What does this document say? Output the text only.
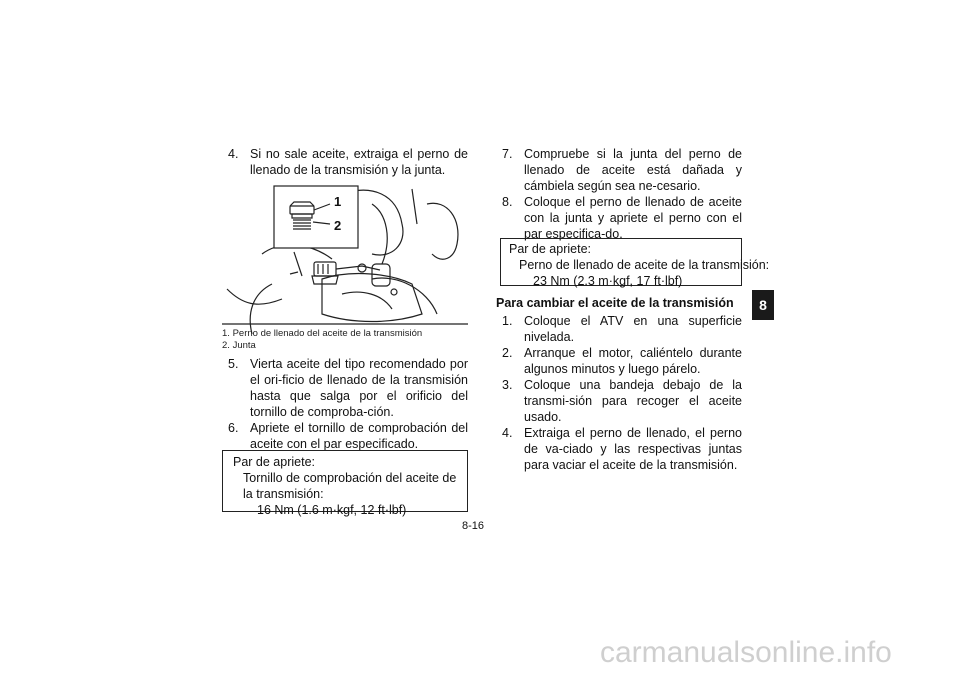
4. Si no sale aceite, extraiga el perno de llenado de la transmisión y la junta.
1
2
1. Perno de llenado del aceite de la transmisión
2. Junta
5. Vierta aceite del tipo recomendado por el ori-ficio de llenado de la transmisión hasta que salga por el orificio del tornillo de comproba-ción.
6. Apriete el tornillo de comprobación del aceite con el par especificado.
Par de apriete:
Tornillo de comprobación del aceite de la transmisión:
16 Nm (1.6 m·kgf, 12 ft·lbf)
7. Compruebe si la junta del perno de llenado de aceite está dañada y cámbiela según sea ne-cesario.
8. Coloque el perno de llenado de aceite con la junta y apriete el perno con el par especifica-do.
Par de apriete:
Perno de llenado de aceite de la transmisión:
23 Nm (2.3 m·kgf, 17 ft·lbf)
Para cambiar el aceite de la transmisión
1. Coloque el ATV en una superficie nivelada.
2. Arranque el motor, caliéntelo durante algunos minutos y luego párelo.
3. Coloque una bandeja debajo de la transmi-sión para recoger el aceite usado.
4. Extraiga el perno de llenado, el perno de va-ciado y las respectivas juntas para vaciar el aceite de la transmisión.
8
8-16
carmanualsonline.info
